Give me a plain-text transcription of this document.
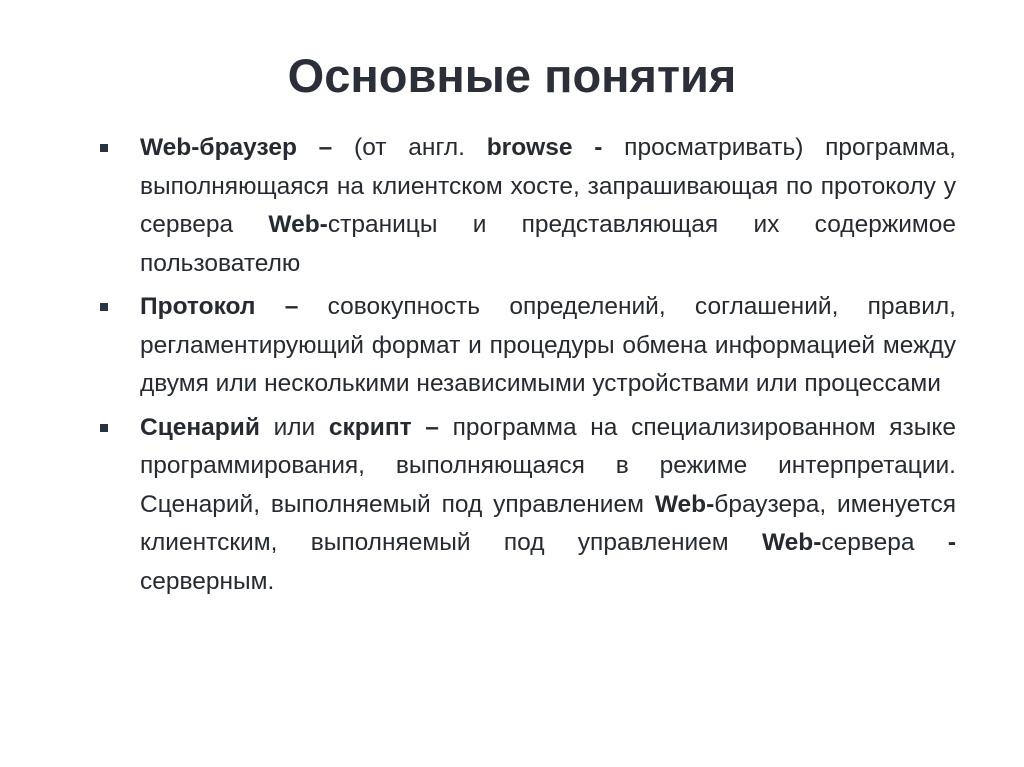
Основные понятия
Web-браузер – (от англ. browse - просматривать) программа, выполняющаяся на клиентском хосте, запрашивающая по протоколу у сервера Web-страницы и представляющая их содержимое пользователю
Протокол – совокупность определений, соглашений, правил, регламентирующий формат и процедуры обмена информацией между двумя или несколькими независимыми устройствами или процессами
Сценарий или скрипт – программа на специализированном языке программирования, выполняющаяся в режиме интерпретации. Сценарий, выполняемый под управлением Web-браузера, именуется клиентским, выполняемый под управлением Web-сервера - серверным.
